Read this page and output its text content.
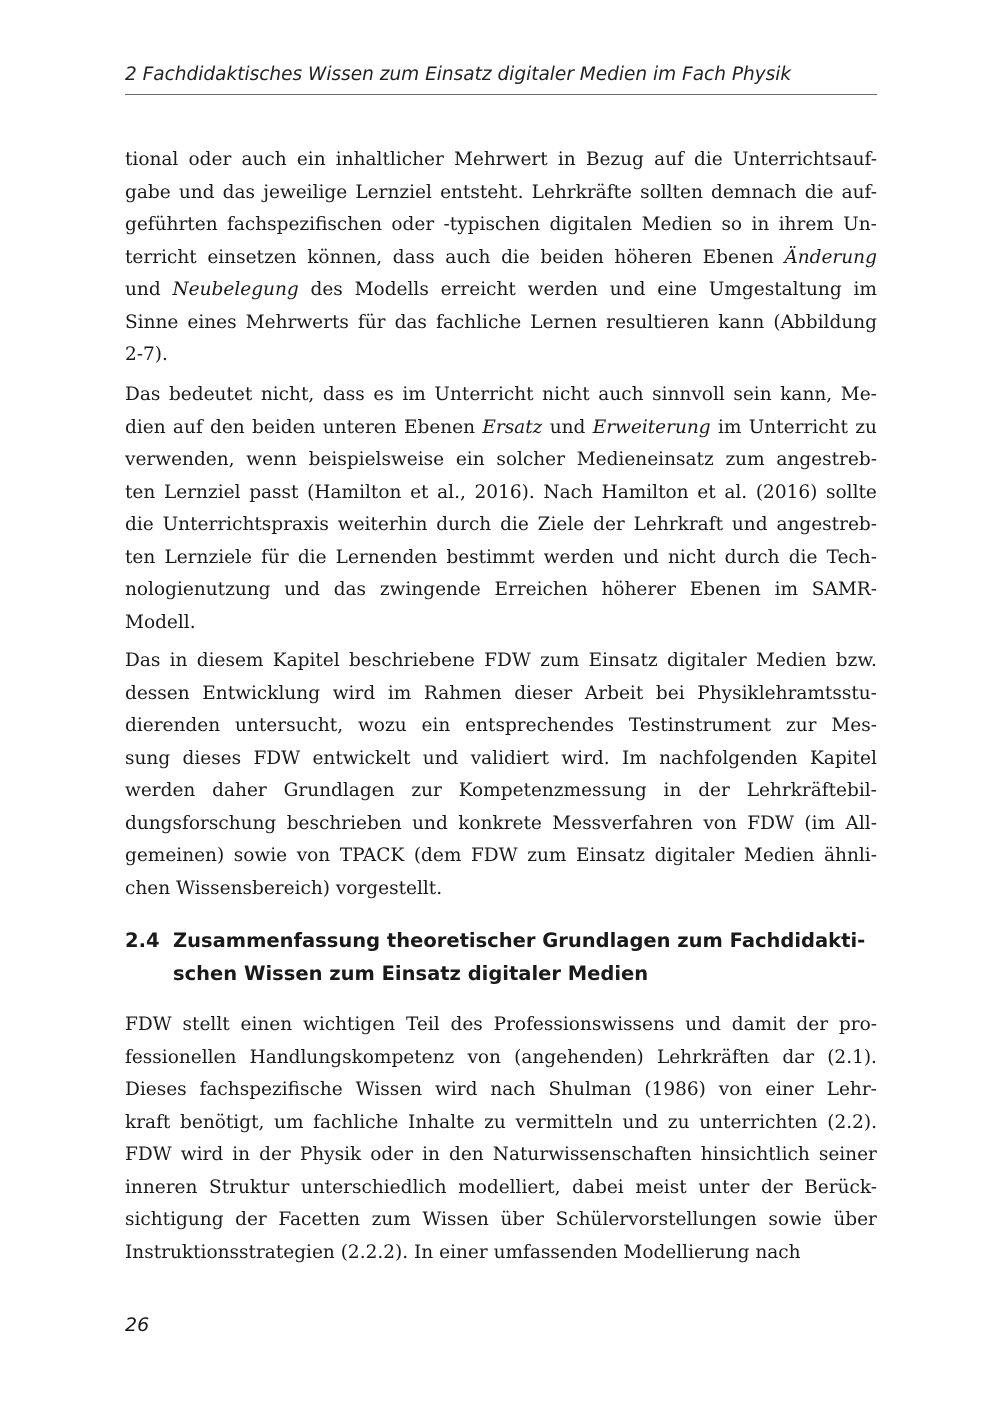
2 Fachdidaktisches Wissen zum Einsatz digitaler Medien im Fach Physik
tional oder auch ein inhaltlicher Mehrwert in Bezug auf die Unterrichtsauf-
gabe und das jeweilige Lernziel entsteht. Lehrkräfte sollten demnach die auf-
geführten fachspezifischen oder -typischen digitalen Medien so in ihrem Un-
terricht einsetzen können, dass auch die beiden höheren Ebenen Änderung
und Neubelegung des Modells erreicht werden und eine Umgestaltung im
Sinne eines Mehrwerts für das fachliche Lernen resultieren kann (Abbildung
2-7).
Das bedeutet nicht, dass es im Unterricht nicht auch sinnvoll sein kann, Me-
dien auf den beiden unteren Ebenen Ersatz und Erweiterung im Unterricht zu
verwenden, wenn beispielsweise ein solcher Medieneinsatz zum angestreb-
ten Lernziel passt (Hamilton et al., 2016). Nach Hamilton et al. (2016) sollte
die Unterrichtspraxis weiterhin durch die Ziele der Lehrkraft und angestreb-
ten Lernziele für die Lernenden bestimmt werden und nicht durch die Tech-
nologienutzung und das zwingende Erreichen höherer Ebenen im SAMR-
Modell.
Das in diesem Kapitel beschriebene FDW zum Einsatz digitaler Medien bzw.
dessen Entwicklung wird im Rahmen dieser Arbeit bei Physiklehramtsstu-
dierenden untersucht, wozu ein entsprechendes Testinstrument zur Mes-
sung dieses FDW entwickelt und validiert wird. Im nachfolgenden Kapitel
werden daher Grundlagen zur Kompetenzmessung in der Lehrkräftebil-
dungsforschung beschrieben und konkrete Messverfahren von FDW (im All-
gemeinen) sowie von TPACK (dem FDW zum Einsatz digitaler Medien ähnli-
chen Wissensbereich) vorgestellt.
2.4 Zusammenfassung theoretischer Grundlagen zum Fachdidakti-
schen Wissen zum Einsatz digitaler Medien
FDW stellt einen wichtigen Teil des Professionswissens und damit der pro-
fessionellen Handlungskompetenz von (angehenden) Lehrkräften dar (2.1).
Dieses fachspezifische Wissen wird nach Shulman (1986) von einer Lehr-
kraft benötigt, um fachliche Inhalte zu vermitteln und zu unterrichten (2.2).
FDW wird in der Physik oder in den Naturwissenschaften hinsichtlich seiner
inneren Struktur unterschiedlich modelliert, dabei meist unter der Berück-
sichtigung der Facetten zum Wissen über Schülervorstellungen sowie über
Instruktionsstrategien (2.2.2). In einer umfassenden Modellierung nach
26
